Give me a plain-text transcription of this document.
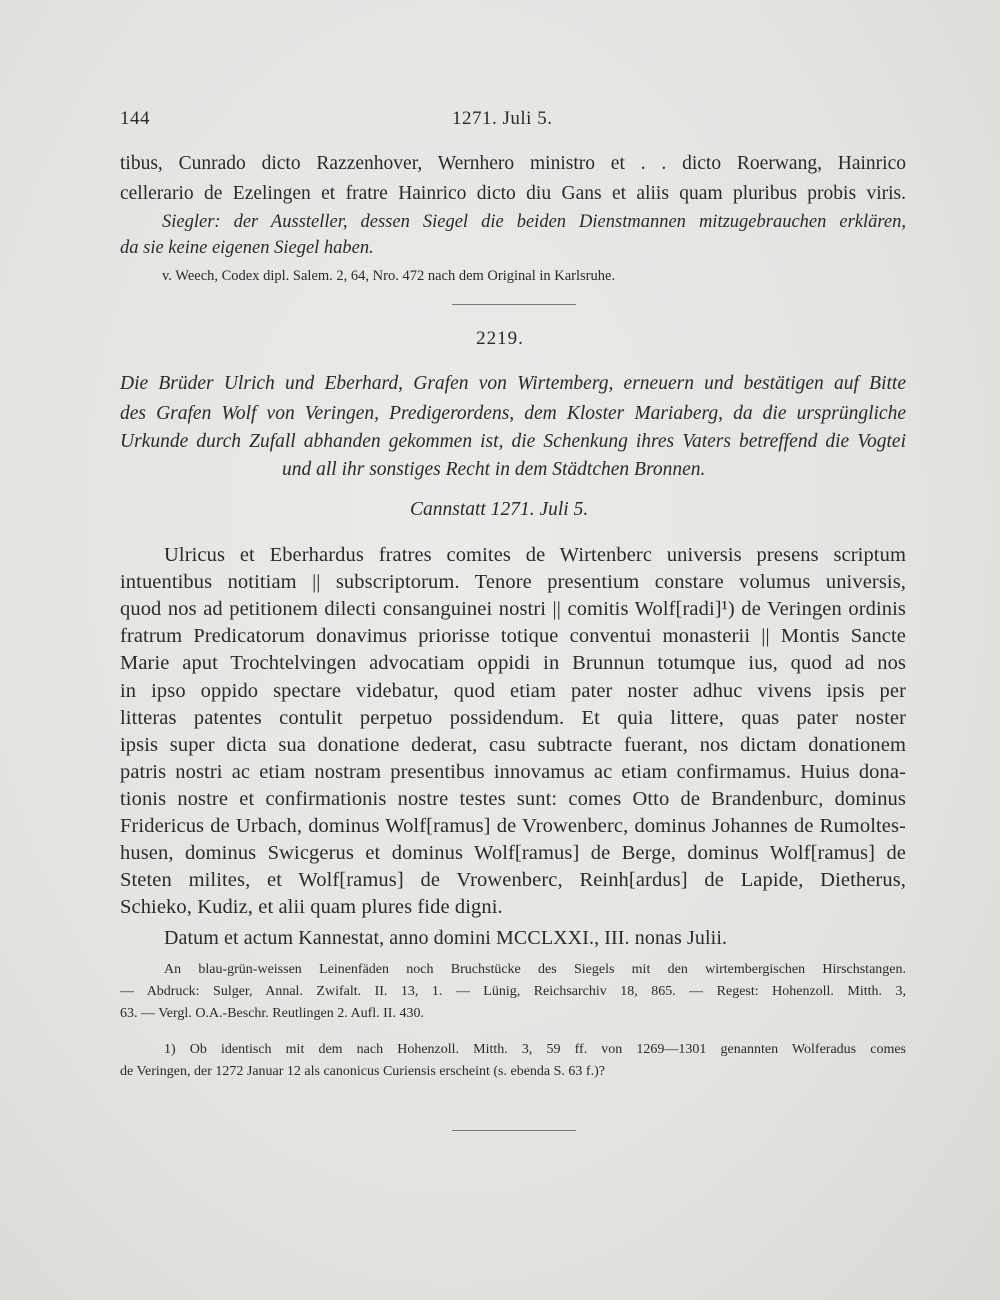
144	1271. Juli 5.
tibus, Cunrado dicto Razzenhover, Wernhero ministro et . . dicto Roerwang, Hainrico
cellerario de Ezelingen et fratre Hainrico dicto diu Gans et aliis quam pluribus probis viris.
Siegler: der Aussteller, dessen Siegel die beiden Dienstmannen mitzugebrauchen erklären,
da sie keine eigenen Siegel haben.
v. Weech, Codex dipl. Salem. 2, 64, Nro. 472 nach dem Original in Karlsruhe.
2219.
Die Brüder Ulrich und Eberhard, Grafen von Wirtemberg, erneuern und bestätigen auf Bitte
des Grafen Wolf von Veringen, Predigerordens, dem Kloster Mariaberg, da die ursprüngliche
Urkunde durch Zufall abhanden gekommen ist, die Schenkung ihres Vaters betreffend die Vogtei
und all ihr sonstiges Recht in dem Städtchen Bronnen.
Cannstatt 1271. Juli 5.
Ulricus et Eberhardus fratres comites de Wirtenberc universis presens scriptum
intuentibus notitiam || subscriptorum. Tenore presentium constare volumus universis,
quod nos ad petitionem dilecti consanguinei nostri || comitis Wolf[radi]¹) de Veringen ordinis
fratrum Predicatorum donavimus priorisse totique conventui monasterii || Montis Sancte
Marie aput Trochtelvingen advocatiam oppidi in Brunnun totumque ius, quod ad nos
in ipso oppido spectare videbatur, quod etiam pater noster adhuc vivens ipsis per
litteras patentes contulit perpetuo possidendum. Et quia littere, quas pater noster
ipsis super dicta sua donatione dederat, casu subtracte fuerant, nos dictam donationem
patris nostri ac etiam nostram presentibus innovamus ac etiam confirmamus. Huius dona-
tionis nostre et confirmationis nostre testes sunt: comes Otto de Brandenburc, dominus
Fridericus de Urbach, dominus Wolf[ramus] de Vrowenberc, dominus Johannes de Rumoltes-
husen, dominus Swicgerus et dominus Wolf[ramus] de Berge, dominus Wolf[ramus] de
Steten milites, et Wolf[ramus] de Vrowenberc, Reinh[ardus] de Lapide, Dietherus,
Schieko, Kudiz, et alii quam plures fide digni.
Datum et actum Kannestat, anno domini MCCLXXI., III. nonas Julii.
An blau-grün-weissen Leinenfäden noch Bruchstücke des Siegels mit den wirtembergischen Hirschstangen.
— Abdruck: Sulger, Annal. Zwifalt. II. 13, 1. — Lünig, Reichsarchiv 18, 865. — Regest: Hohenzoll. Mitth. 3,
63. — Vergl. O.A.-Beschr. Reutlingen 2. Aufl. II. 430.
1) Ob identisch mit dem nach Hohenzoll. Mitth. 3, 59 ff. von 1269—1301 genannten Wolferadus comes
de Veringen, der 1272 Januar 12 als canonicus Curiensis erscheint (s. ebenda S. 63 f.)?
